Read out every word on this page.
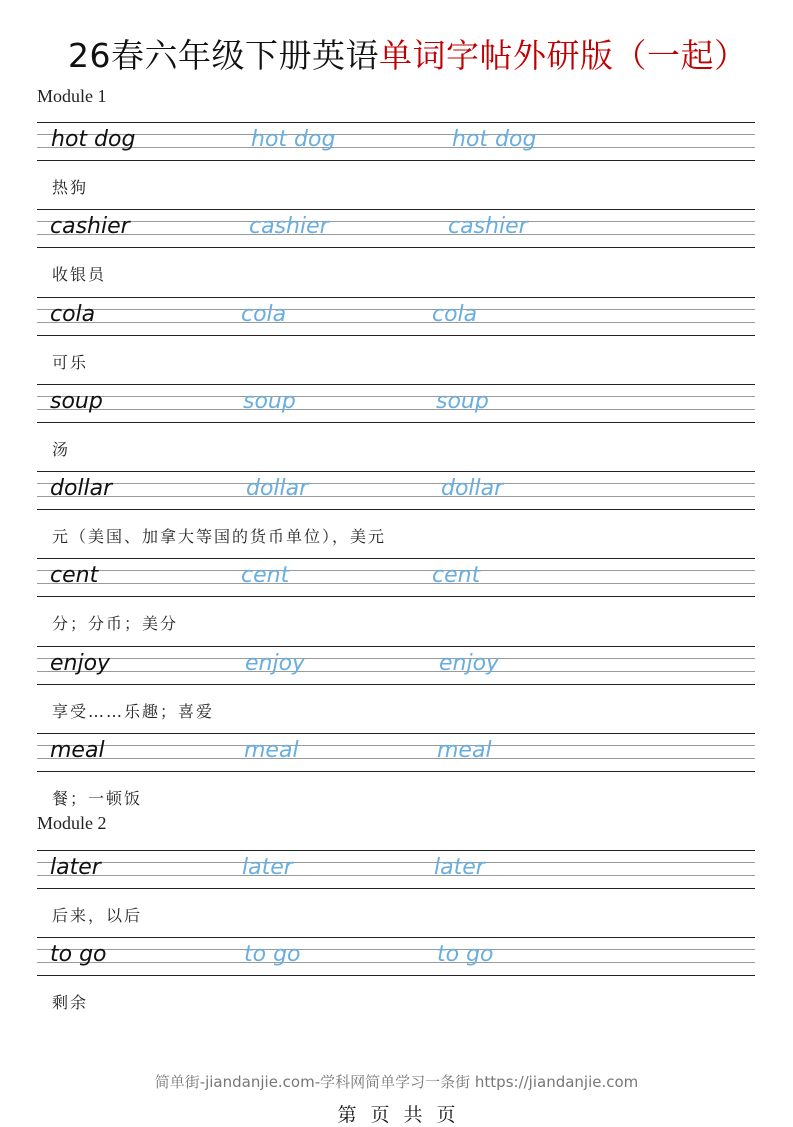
26春六年级下册英语单词字帖外研版（一起）
Module 1
hot dog	hot dog	hot dog
热狗
cashier	cashier	cashier
收银员
cola	cola	cola
可乐
soup	soup	soup
汤
dollar	dollar	dollar
元（美国、加拿大等国的货币单位），美元
cent	cent	cent
分；分币；美分
enjoy	enjoy	enjoy
享受……乐趣；喜爱
meal	meal	meal
餐；一顿饭
Module 2
later	later	later
后来，以后
to go	to go	to go
剩余
简单街-jiandanjie.com-学科网简单学习一条街 https://jiandanjie.com
第 页 共 页
